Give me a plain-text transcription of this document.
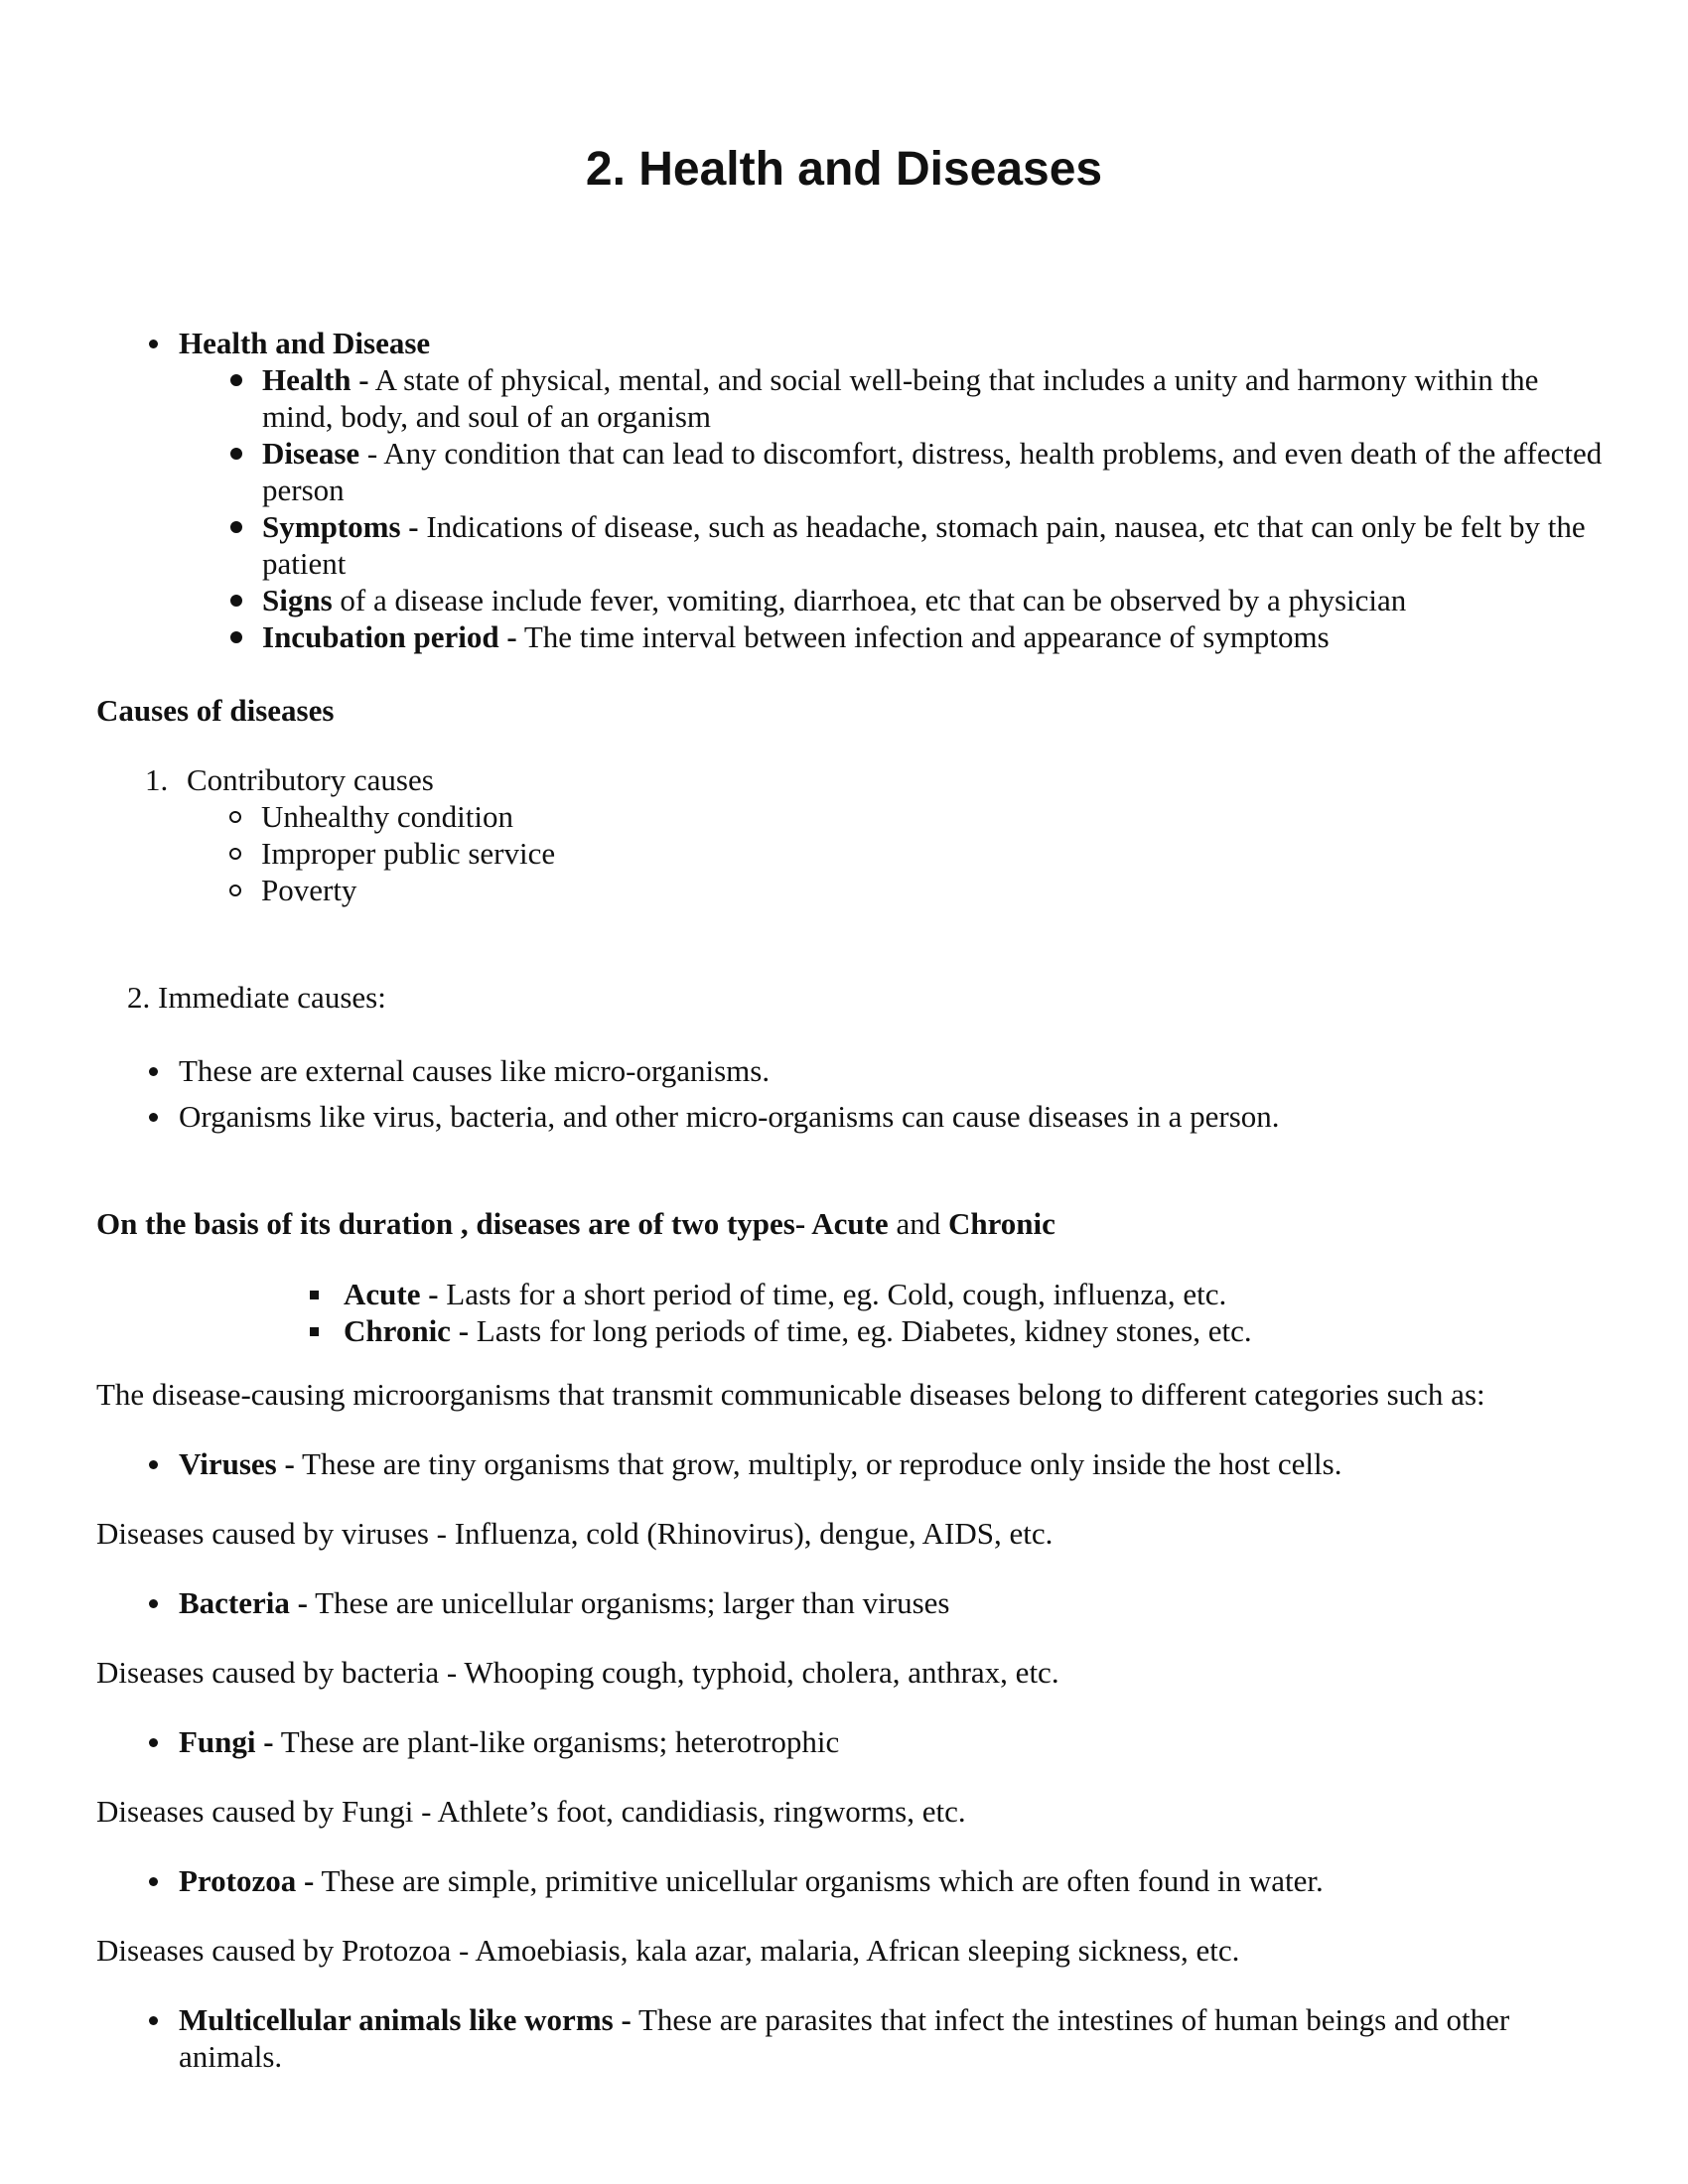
2. Health and Diseases
Health and Disease
Health - A state of physical, mental, and social well-being that includes a unity and harmony within the mind, body, and soul of an organism
Disease - Any condition that can lead to discomfort, distress, health problems, and even death of the affected person
Symptoms - Indications of disease, such as headache, stomach pain, nausea, etc that can only be felt by the patient
Signs of a disease include fever, vomiting, diarrhoea, etc that can be observed by a physician
Incubation period - The time interval between infection and appearance of symptoms

Causes of diseases

1. Contributory causes
Unhealthy condition
Improper public service
Poverty

2. Immediate causes:

These are external causes like micro-organisms.
Organisms like virus, bacteria, and other micro-organisms can cause diseases in a person.

On the basis of its duration , diseases are of two types- Acute and Chronic

Acute - Lasts for a short period of time, eg. Cold, cough, influenza, etc.
Chronic - Lasts for long periods of time, eg. Diabetes, kidney stones, etc.

The disease-causing microorganisms that transmit communicable diseases belong to different categories such as:

Viruses - These are tiny organisms that grow, multiply, or reproduce only inside the host cells.

Diseases caused by viruses - Influenza, cold (Rhinovirus), dengue, AIDS, etc.

Bacteria - These are unicellular organisms; larger than viruses

Diseases caused by bacteria - Whooping cough, typhoid, cholera, anthrax, etc.

Fungi - These are plant-like organisms; heterotrophic

Diseases caused by Fungi - Athlete’s foot, candidiasis, ringworms, etc.

Protozoa - These are simple, primitive unicellular organisms which are often found in water.

Diseases caused by Protozoa - Amoebiasis, kala azar, malaria, African sleeping sickness, etc.

Multicellular animals like worms - These are parasites that infect the intestines of human beings and other animals.
